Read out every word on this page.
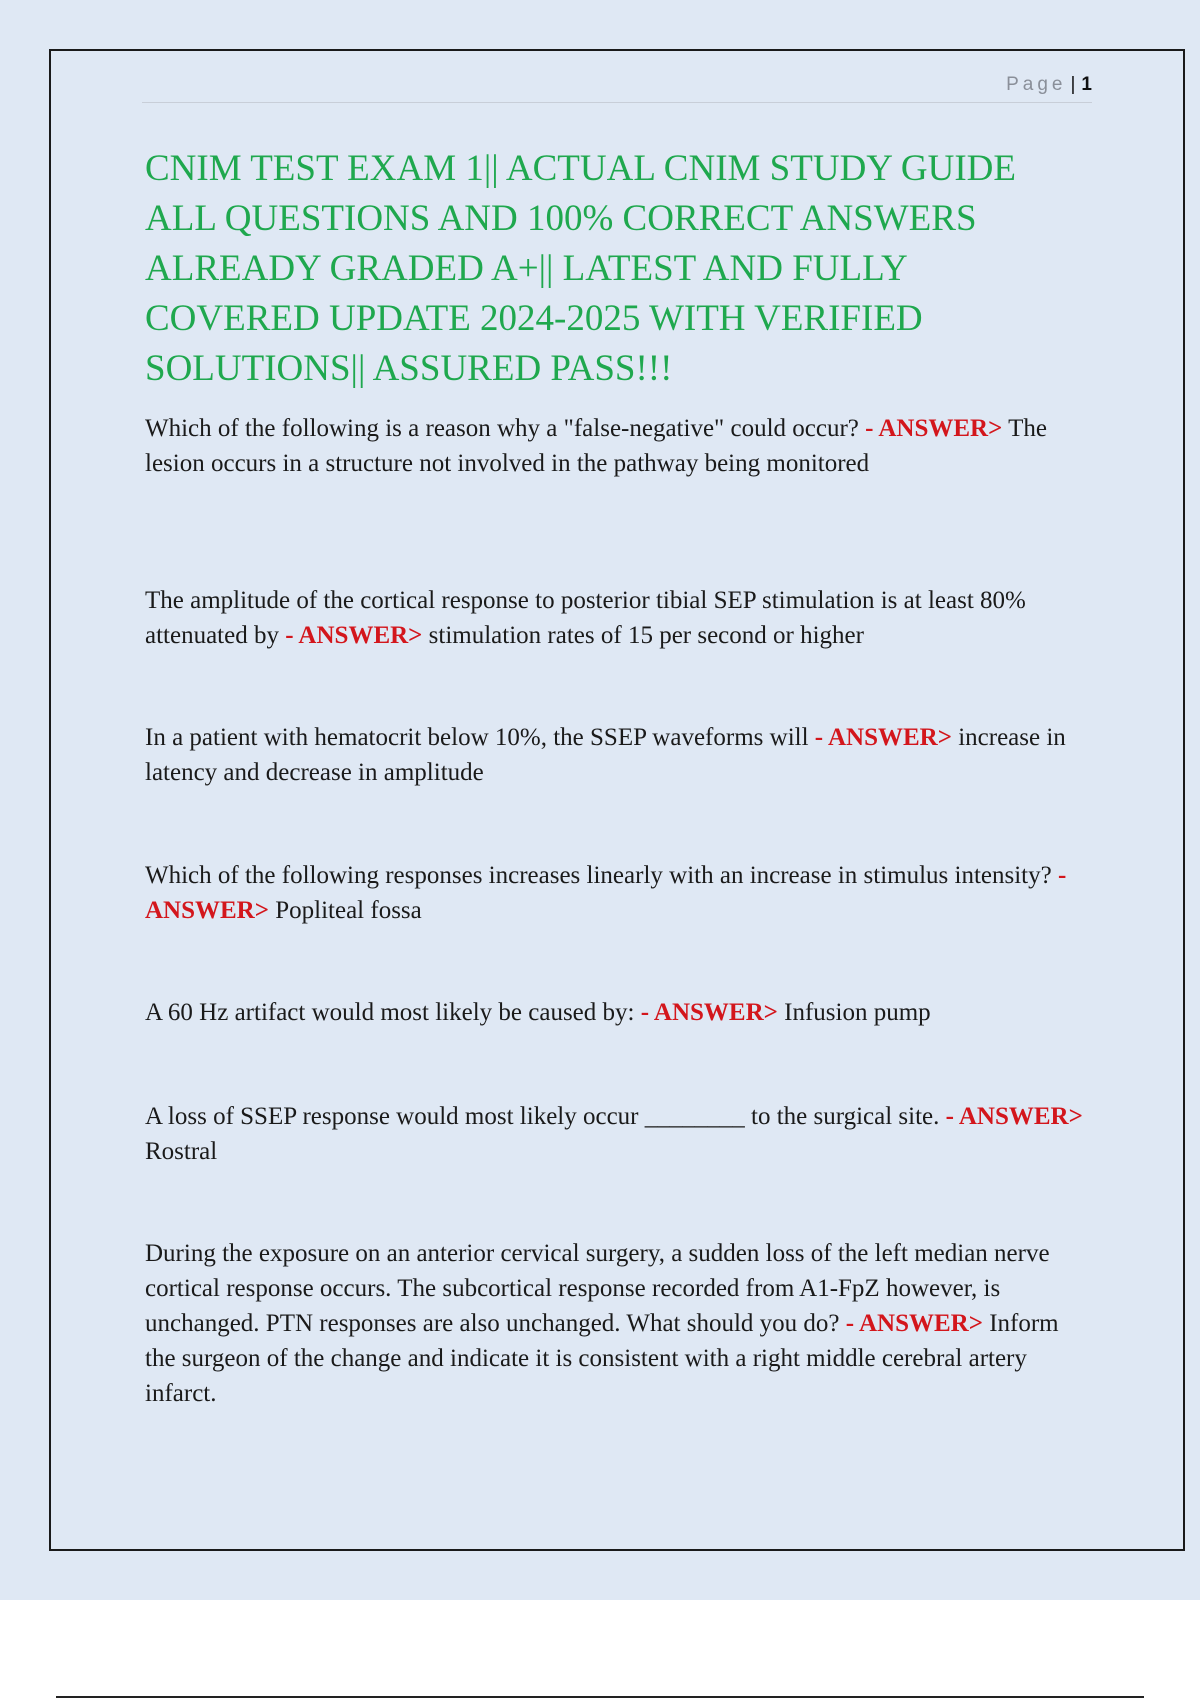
Page | 1
CNIM TEST EXAM 1|| ACTUAL CNIM STUDY GUIDE ALL QUESTIONS AND 100% CORRECT ANSWERS ALREADY GRADED A+|| LATEST AND FULLY COVERED UPDATE 2024-2025 WITH VERIFIED SOLUTIONS|| ASSURED PASS!!!

Which of the following is a reason why a "false-negative" could occur? - ANSWER> The lesion occurs in a structure not involved in the pathway being monitored

The amplitude of the cortical response to posterior tibial SEP stimulation is at least 80% attenuated by - ANSWER> stimulation rates of 15 per second or higher

In a patient with hematocrit below 10%, the SSEP waveforms will - ANSWER> increase in latency and decrease in amplitude

Which of the following responses increases linearly with an increase in stimulus intensity? - ANSWER> Popliteal fossa

A 60 Hz artifact would most likely be caused by: - ANSWER> Infusion pump

A loss of SSEP response would most likely occur ________ to the surgical site. - ANSWER> Rostral

During the exposure on an anterior cervical surgery, a sudden loss of the left median nerve cortical response occurs. The subcortical response recorded from A1-FpZ however, is unchanged. PTN responses are also unchanged. What should you do? - ANSWER> Inform the surgeon of the change and indicate it is consistent with a right middle cerebral artery infarct.
